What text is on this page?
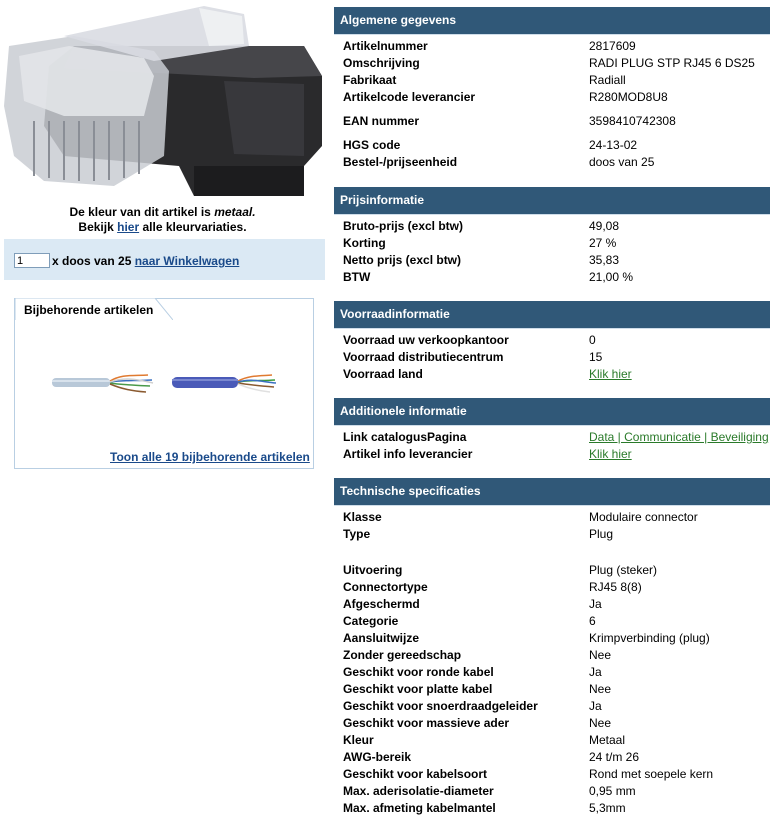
De kleur van dit artikel is metaal.
Bekijk hier alle kleurvariaties.
1
x doos van 25 naar Winkelwagen
Bijbehorende artikelen
Toon alle 19 bijbehorende artikelen
Algemene gegevens
Artikelnummer	2817609
Omschrijving	RADI PLUG STP RJ45 6 DS25
Fabrikaat	Radiall
Artikelcode leverancier	R280MOD8U8
EAN nummer	3598410742308
HGS code	24-13-02
Bestel-/prijseenheid	doos van 25
Prijsinformatie
Bruto-prijs (excl btw)	49,08
Korting	27 %
Netto prijs (excl btw)	35,83
BTW	21,00 %
Voorraadinformatie
Voorraad uw verkoopkantoor	0
Voorraad distributiecentrum	15
Voorraad land	Klik hier
Additionele informatie
Link catalogusPagina	Data | Communicatie | Beveiliging
Artikel info leverancier	Klik hier
Technische specificaties
Klasse	Modulaire connector
Type	Plug
Uitvoering	Plug (steker)
Connectortype	RJ45 8(8)
Afgeschermd	Ja
Categorie	6
Aansluitwijze	Krimpverbinding (plug)
Zonder gereedschap	Nee
Geschikt voor ronde kabel	Ja
Geschikt voor platte kabel	Nee
Geschikt voor snoerdraadgeleider	Ja
Geschikt voor massieve ader	Nee
Kleur	Metaal
AWG-bereik	24 t/m 26
Geschikt voor kabelsoort	Rond met soepele kern
Max. aderisolatie-diameter	0,95 mm
Max. afmeting kabelmantel	5,3mm
